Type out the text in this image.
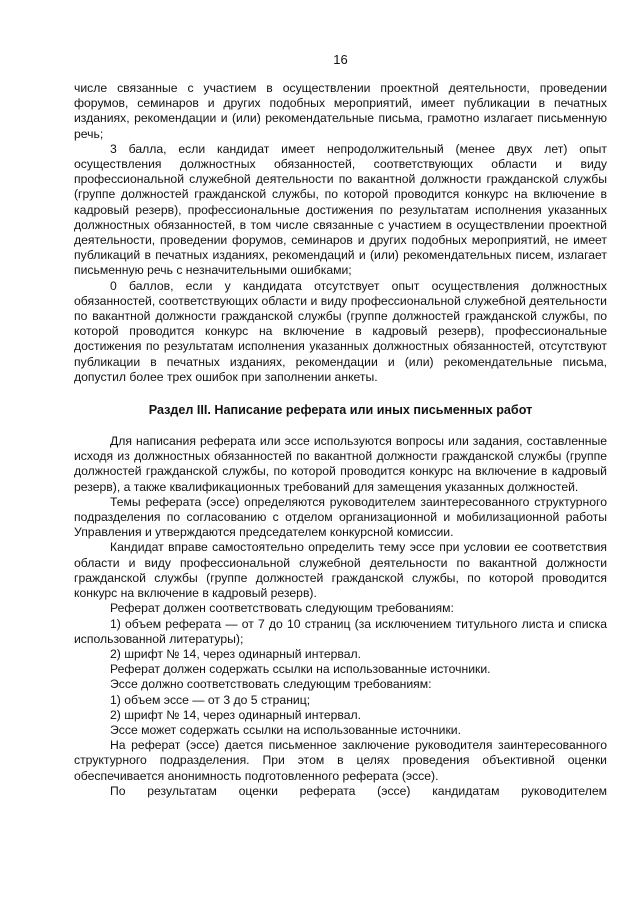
16

числе связанные с участием в осуществлении проектной деятельности, проведении форумов, семинаров и других подобных мероприятий, имеет публикации в печатных изданиях, рекомендации и (или) рекомендательные письма, грамотно излагает письменную речь;

3 балла, если кандидат имеет непродолжительный (менее двух лет) опыт осуществления должностных обязанностей, соответствующих области и виду профессиональной служебной деятельности по вакантной должности гражданской службы (группе должностей гражданской службы, по которой проводится конкурс на включение в кадровый резерв), профессиональные достижения по результатам исполнения указанных должностных обязанностей, в том числе связанные с участием в осуществлении проектной деятельности, проведении форумов, семинаров и других подобных мероприятий, не имеет публикаций в печатных изданиях, рекомендаций и (или) рекомендательных писем, излагает письменную речь с незначительными ошибками;

0 баллов, если у кандидата отсутствует опыт осуществления должностных обязанностей, соответствующих области и виду профессиональной служебной деятельности по вакантной должности гражданской службы (группе должностей гражданской службы, по которой проводится конкурс на включение в кадровый резерв), профессиональные достижения по результатам исполнения указанных должностных обязанностей, отсутствуют публикации в печатных изданиях, рекомендации и (или) рекомендательные письма, допустил более трех ошибок при заполнении анкеты.

Раздел III. Написание реферата или иных письменных работ

Для написания реферата или эссе используются вопросы или задания, составленные исходя из должностных обязанностей по вакантной должности гражданской службы (группе должностей гражданской службы, по которой проводится конкурс на включение в кадровый резерв), а также квалификационных требований для замещения указанных должностей.

Темы реферата (эссе) определяются руководителем заинтересованного структурного подразделения по согласованию с отделом организационной и мобилизационной работы Управления и утверждаются председателем конкурсной комиссии.

Кандидат вправе самостоятельно определить тему эссе при условии ее соответствия области и виду профессиональной служебной деятельности по вакантной должности гражданской службы (группе должностей гражданской службы, по которой проводится конкурс на включение в кадровый резерв).

Реферат должен соответствовать следующим требованиям:

1) объем реферата — от 7 до 10 страниц (за исключением титульного листа и списка использованной литературы);

2) шрифт № 14, через одинарный интервал.

Реферат должен содержать ссылки на использованные источники.

Эссе должно соответствовать следующим требованиям:

1) объем эссе — от 3 до 5 страниц;

2) шрифт № 14, через одинарный интервал.

Эссе может содержать ссылки на использованные источники.

На реферат (эссе) дается письменное заключение руководителя заинтересованного структурного подразделения. При этом в целях проведения объективной оценки обеспечивается анонимность подготовленного реферата (эссе).

По результатам оценки реферата (эссе) кандидатам руководителем
